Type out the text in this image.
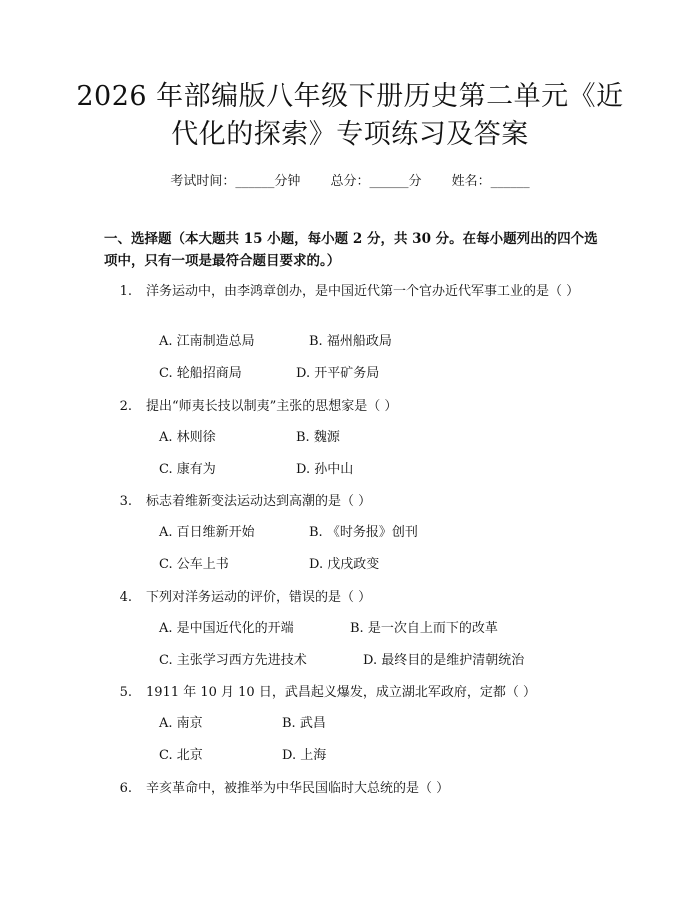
2026 年部编版八年级下册历史第二单元《近
代化的探索》专项练习及答案
考试时间：______分钟 总分：______分 姓名：______
一、选择题（本大题共 15 小题，每小题 2 分，共 30 分。在每小题列出的四个选项中，只有一项是最符合题目要求的。）
1. 洋务运动中，由李鸿章创办，是中国近代第一个官办近代军事工业的是（ ）
A. 江南制造总局	B. 福州船政局
C. 轮船招商局	D. 开平矿务局
2. 提出“师夷长技以制夷”主张的思想家是（ ）
A. 林则徐	B. 魏源
C. 康有为	D. 孙中山
3. 标志着维新变法运动达到高潮的是（ ）
A. 百日维新开始	B. 《时务报》创刊
C. 公车上书	D. 戊戌政变
4. 下列对洋务运动的评价，错误的是（ ）
A. 是中国近代化的开端	B. 是一次自上而下的改革
C. 主张学习西方先进技术	D. 最终目的是维护清朝统治
5. 1911 年 10 月 10 日，武昌起义爆发，成立湖北军政府，定都（ ）
A. 南京	B. 武昌
C. 北京	D. 上海
6. 辛亥革命中，被推举为中华民国临时大总统的是（ ）
